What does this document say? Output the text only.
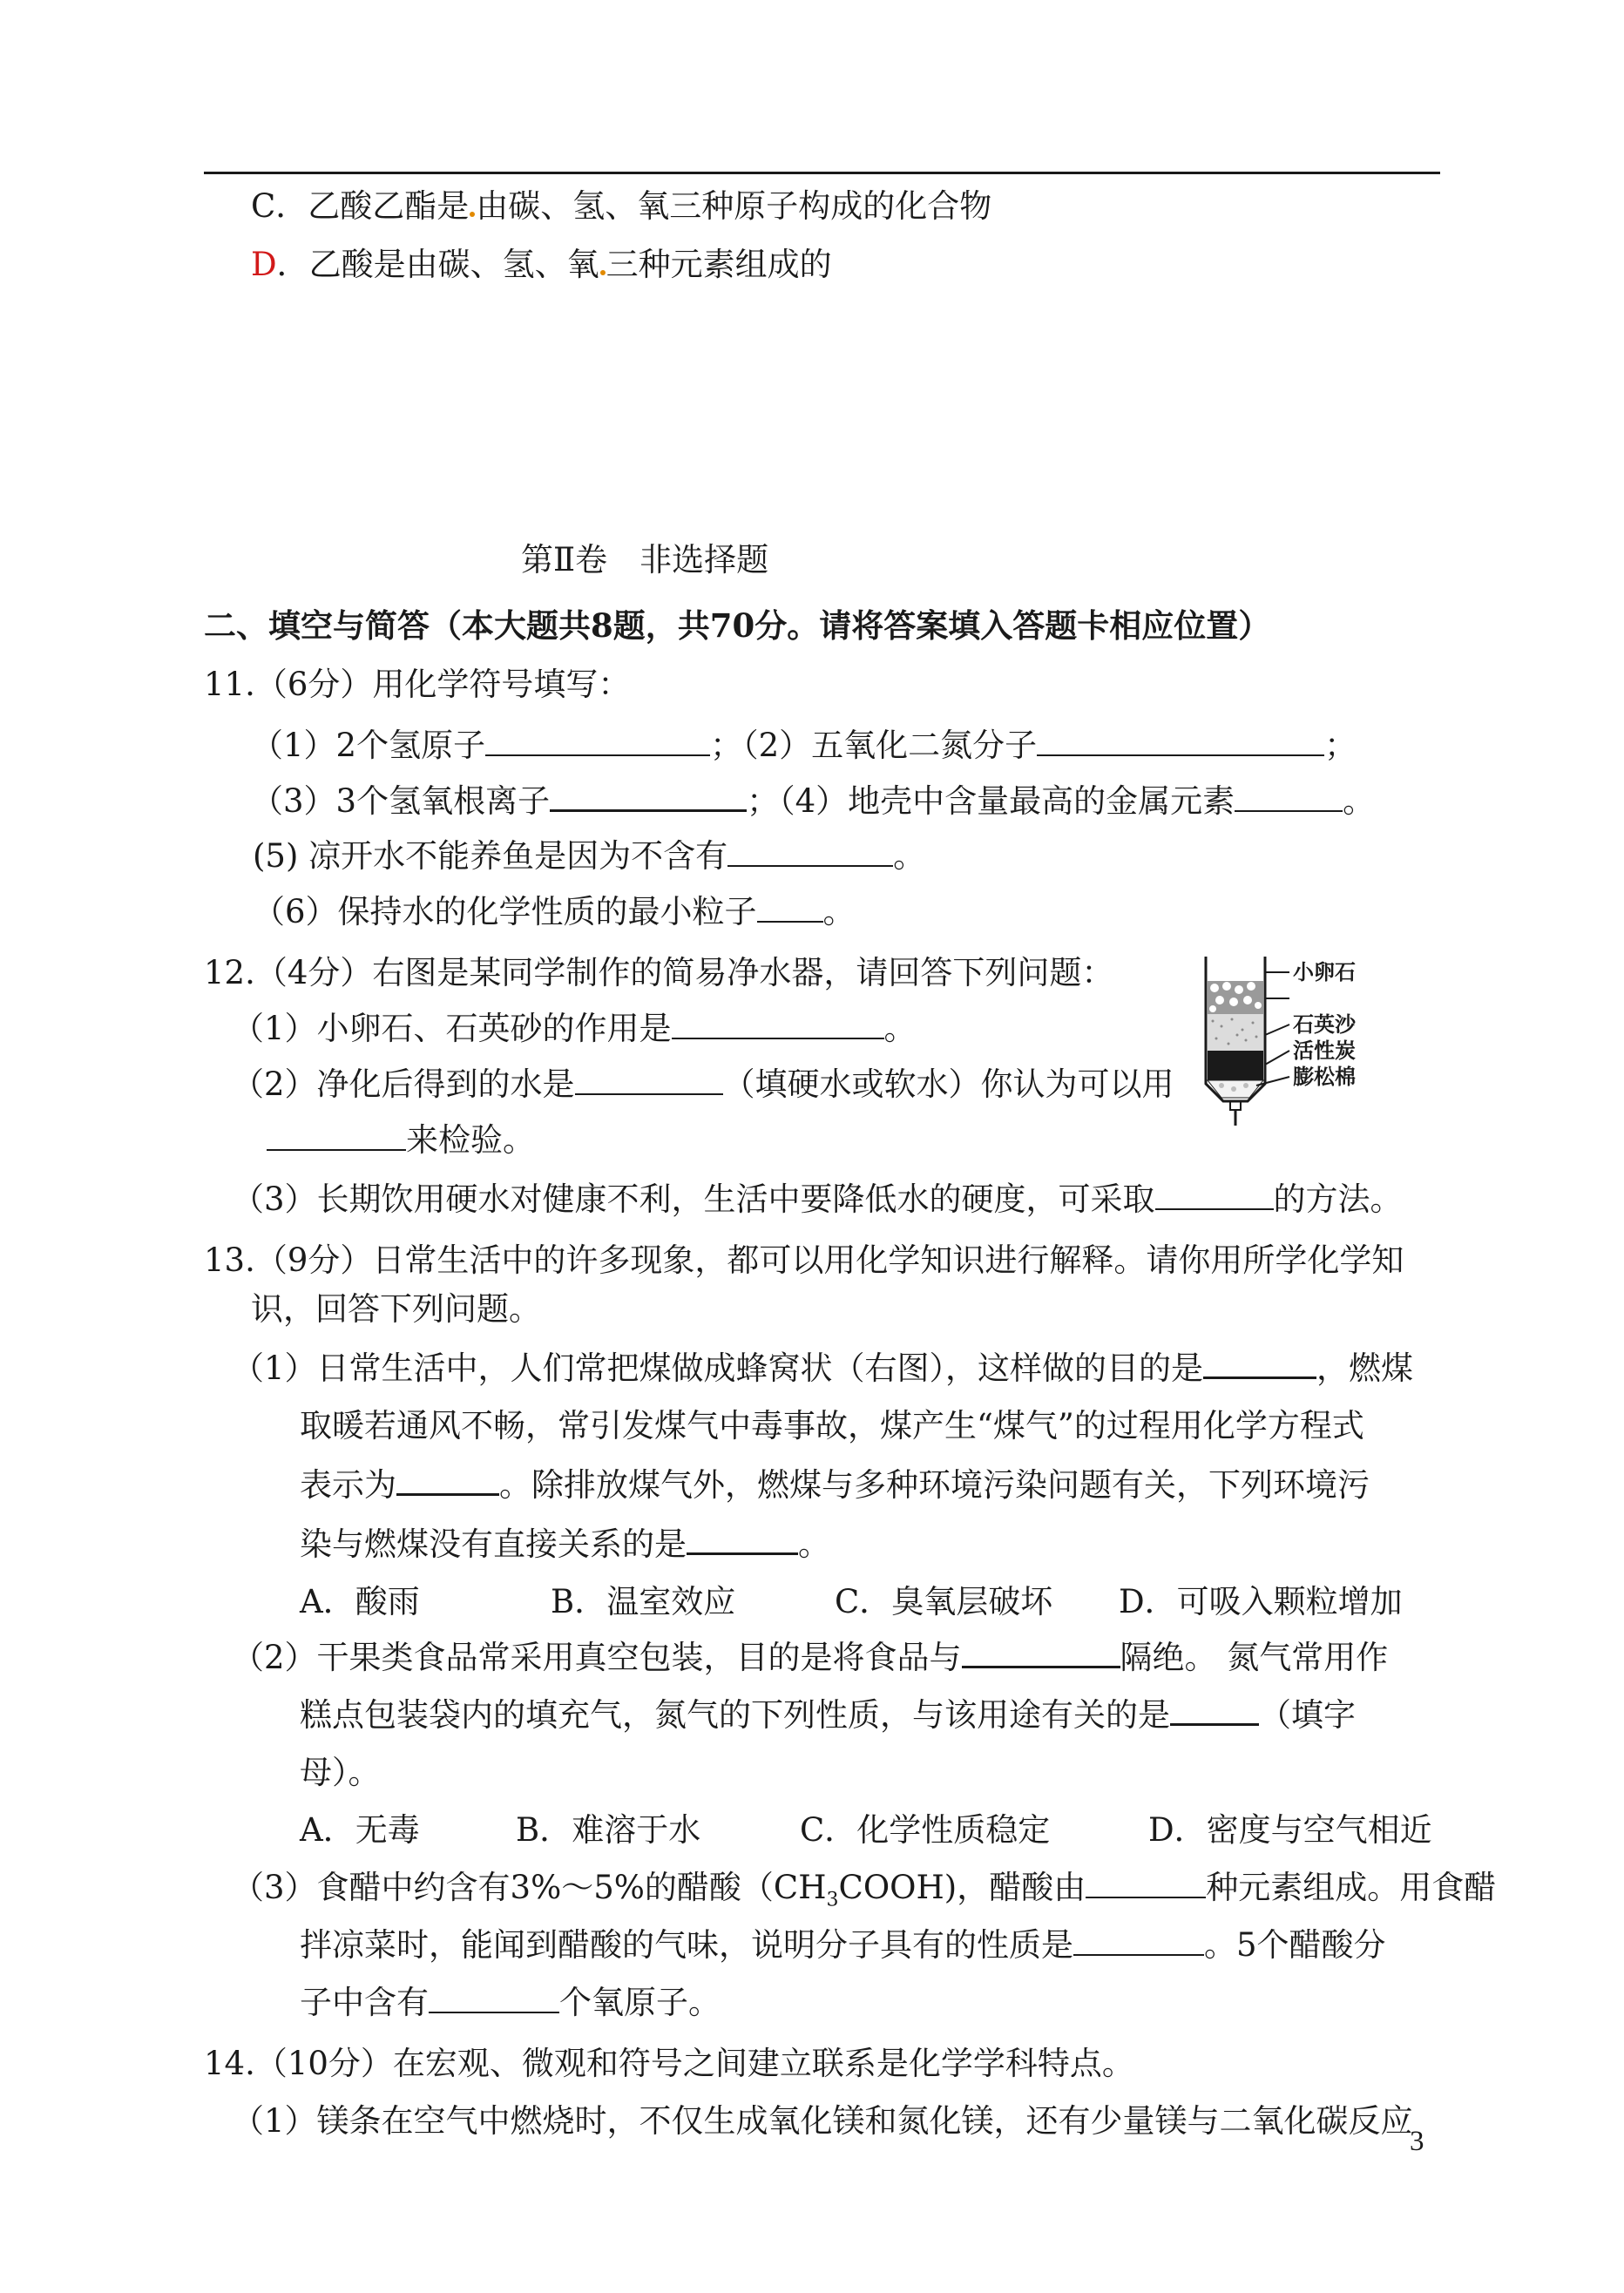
C．乙酸乙酯是 由碳、氢、氧三种原子构成的化合物
D．乙酸是由碳、氢、氧 三种元素组成的
第Ⅱ卷　非选择题
二、填空与简答（本大题共8题，共70分。请将答案填入答题卡相应位置）
11.（6分）用化学符号填写：
（1）2个氢原子	；（2）五氧化二氮分子	；
（3）3个氢氧根离子	；（4）地壳中含量最高的金属元素	。
(5) 凉开水不能养鱼是因为不含有	。
（6）保持水的化学性质的最小粒子 。
12.（4分）右图是某同学制作的简易净水器，请回答下列问题：
（1）小卵石、石英砂的作用是	。
（2）净化后得到的水是	（填硬水或软水）你认为可以用
来检验。
（3）长期饮用硬水对健康不利，生活中要降低水的硬度，可采取	的方法。
小卵石
石英沙
活性炭
膨松棉
13.（9分）日常生活中的许多现象，都可以用化学知识进行解释。请你用所学化学知
识，回答下列问题。
（1）日常生活中，人们常把煤做成蜂窝状（右图），这样做的目的是	，燃煤
取暖若通风不畅，常引发煤气中毒事故，煤产生“煤气”的过程用化学方程式
表示为	。除排放煤气外，燃煤与多种环境污染问题有关，下列环境污
染与燃煤没有直接关系的是	。
A．酸雨	B．温室效应	C．臭氧层破坏 D．可吸入颗粒增加
（2）干果类食品常采用真空包装，目的是将食品与	隔绝。 氮气常用作
糕点包装袋内的填充气，氮气的下列性质，与该用途有关的是	（填字
母）。
A．无毒	B．难溶于水	C．化学性质稳定	D．密度与空气相近
（3）食醋中约含有3%～5%的醋酸$(CH_3COOH)$，醋酸由	种元素组成。用食醋
拌凉菜时，能闻到醋酸的气味，说明分子具有的性质是	。5个醋酸分
子中含有	个氧原子。
14.（10分）在宏观、微观和符号之间建立联系是化学学科特点。
（1）镁条在空气中燃烧时，不仅生成氧化镁和氮化镁，还有少量镁与二氧化碳反应
3
